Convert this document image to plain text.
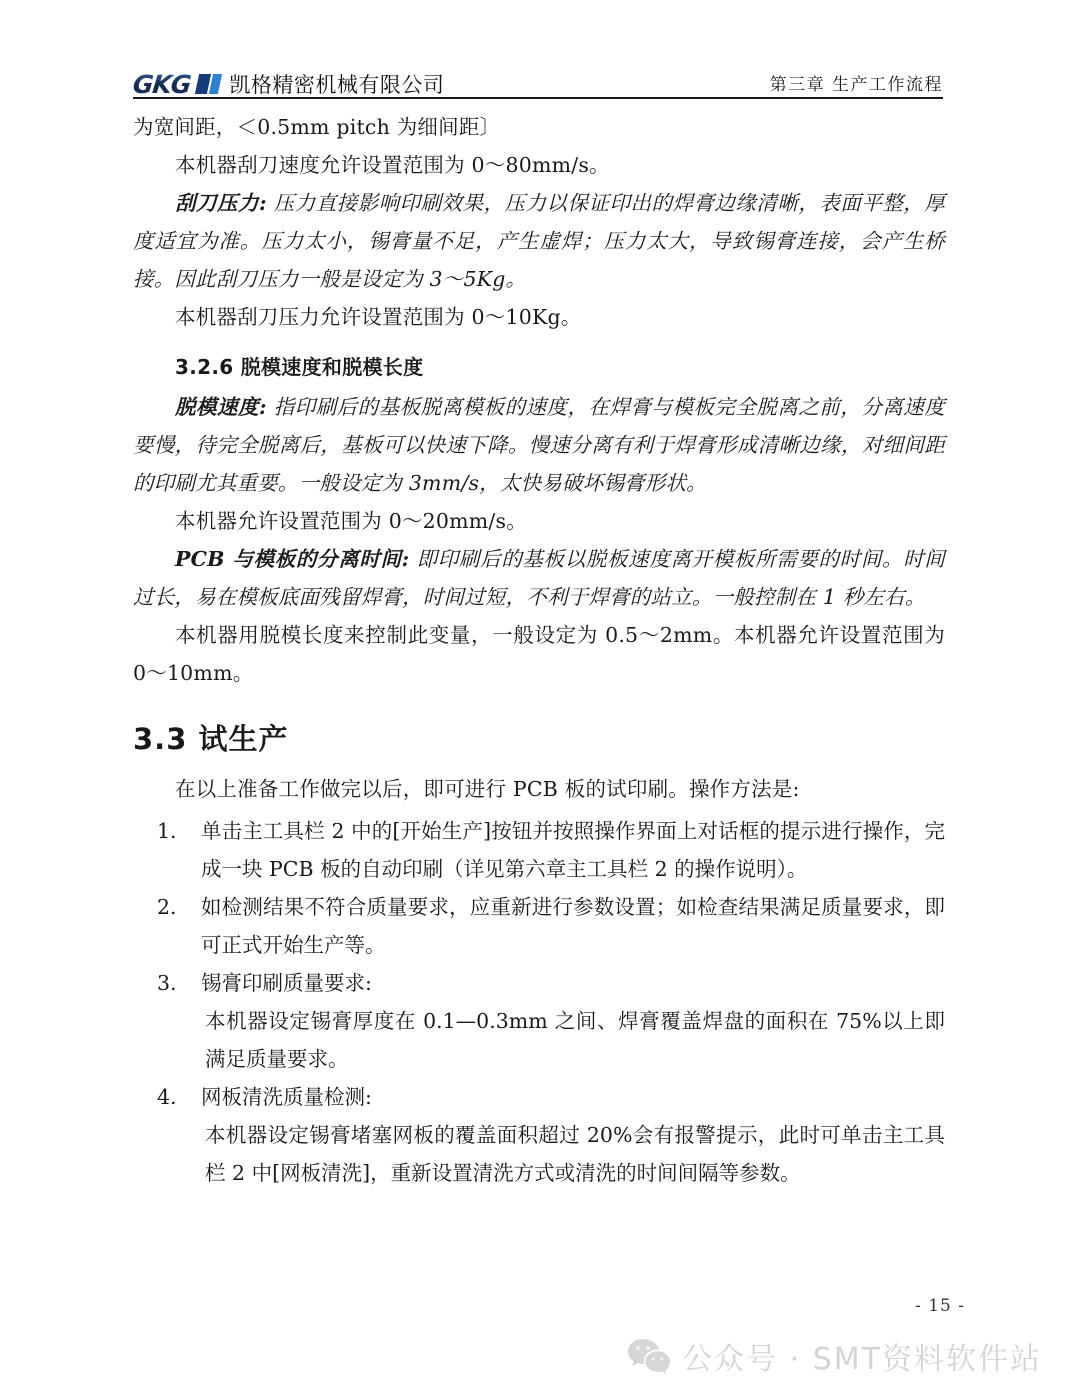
GKG 凯格精密机械有限公司	第三章 生产工作流程

为宽间距，＜0.5mm pitch 为细间距〕

本机器刮刀速度允许设置范围为 0～80mm/s。

刮刀压力: 压力直接影响印刷效果，压力以保证印出的焊膏边缘清晰，表面平整，厚度适宜为准。压力太小，锡膏量不足，产生虚焊；压力太大，导致锡膏连接，会产生桥接。因此刮刀压力一般是设定为 3～5Kg。

本机器刮刀压力允许设置范围为 0～10Kg。

3.2.6 脱模速度和脱模长度

脱模速度: 指印刷后的基板脱离模板的速度，在焊膏与模板完全脱离之前，分离速度要慢，待完全脱离后，基板可以快速下降。慢速分离有利于焊膏形成清晰边缘，对细间距的印刷尤其重要。一般设定为 3mm/s，太快易破坏锡膏形状。

本机器允许设置范围为 0～20mm/s。

PCB 与模板的分离时间: 即印刷后的基板以脱板速度离开模板所需要的时间。时间过长，易在模板底面残留焊膏，时间过短，不利于焊膏的站立。一般控制在 1 秒左右。

本机器用脱模长度来控制此变量，一般设定为 0.5～2mm。本机器允许设置范围为 0～10mm。

3.3 试生产

在以上准备工作做完以后，即可进行 PCB 板的试印刷。操作方法是:

1. 单击主工具栏 2 中的[开始生产]按钮并按照操作界面上对话框的提示进行操作，完成一块 PCB 板的自动印刷（详见第六章主工具栏 2 的操作说明）。
2. 如检测结果不符合质量要求，应重新进行参数设置；如检查结果满足质量要求，即可正式开始生产等。
3. 锡膏印刷质量要求:
本机器设定锡膏厚度在 0.1—0.3mm 之间、焊膏覆盖焊盘的面积在 75%以上即满足质量要求。
4. 网板清洗质量检测:
本机器设定锡膏堵塞网板的覆盖面积超过 20%会有报警提示，此时可单击主工具栏 2 中[网板清洗]，重新设置清洗方式或清洗的时间间隔等参数。
- 15 -
公众号 · SMT资料软件站
